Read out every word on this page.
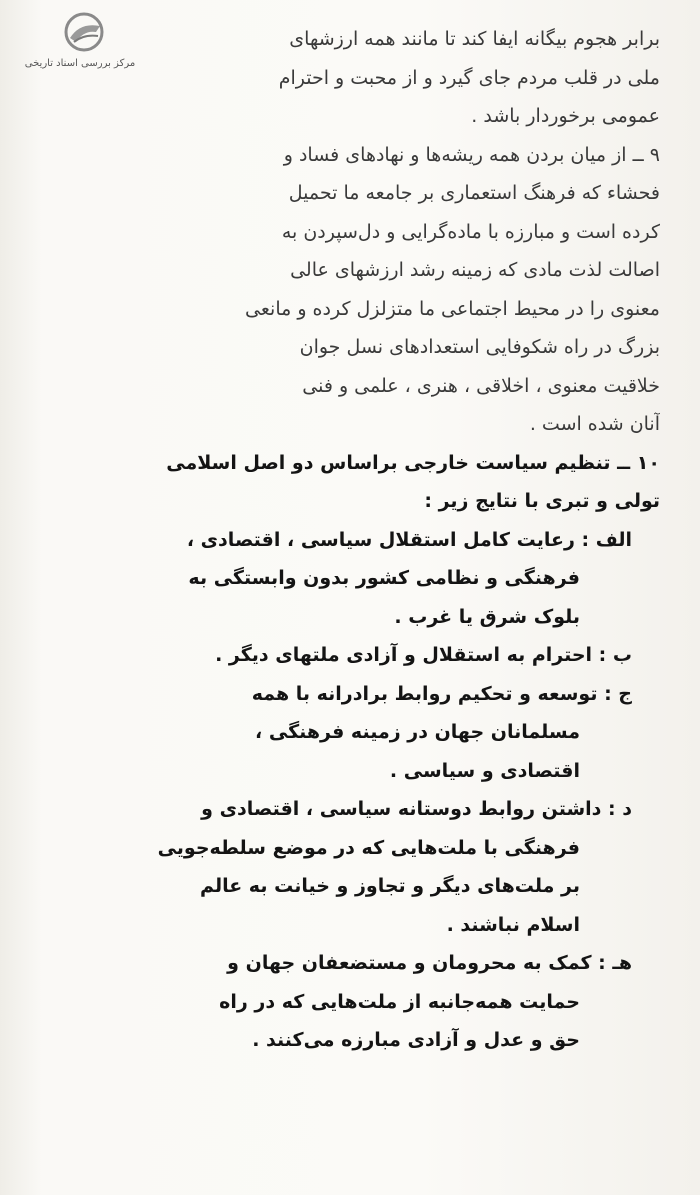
مرکز بررسی اسناد تاریخی
برابر هجوم بیگانه ایفا کند تا مانند همه ارزشهای
ملی در قلب مردم جای گیرد و از محبت و احترام
عمومی برخوردار باشد .
۹ ــ از میان بردن همه ریشه‌ها و نهادهای فساد و
فحشاء که فرهنگ استعماری بر جامعه ما تحمیل
کرده است و مبارزه با ماده‌گرایی و دل‌سپردن به
اصالت لذت مادی که زمینه رشد ارزشهای عالی
معنوی را در محیط اجتماعی ما متزلزل کرده و مانعی
بزرگ در راه شکوفایی استعدادهای نسل جوان
خلاقیت معنوی ، اخلاقی ، هنری ، علمی و فنی
آنان شده است .
۱۰ ــ تنظیم سیاست خارجی براساس دو اصل اسلامی
تولی و تبری با نتایج زیر :
الف : رعایت کامل استقلال سیاسی ، اقتصادی ،
فرهنگی و نظامی کشور بدون وابستگی به
بلوک شرق یا غرب .
ب : احترام به استقلال و آزادی ملتهای دیگر .
ج : توسعه و تحکیم روابط برادرانه با همه
مسلمانان جهان در زمینه فرهنگی ،
اقتصادی و سیاسی .
د : داشتن روابط دوستانه سیاسی ، اقتصادی و
فرهنگی با ملت‌هایی که در موضع سلطه‌جویی
بر ملت‌های دیگر و تجاوز و خیانت به عالم
اسلام نباشند .
هـ : کمک به محرومان و مستضعفان جهان و
حمایت همه‌جانبه از ملت‌هایی که در راه
حق و عدل و آزادی مبارزه می‌کنند .
